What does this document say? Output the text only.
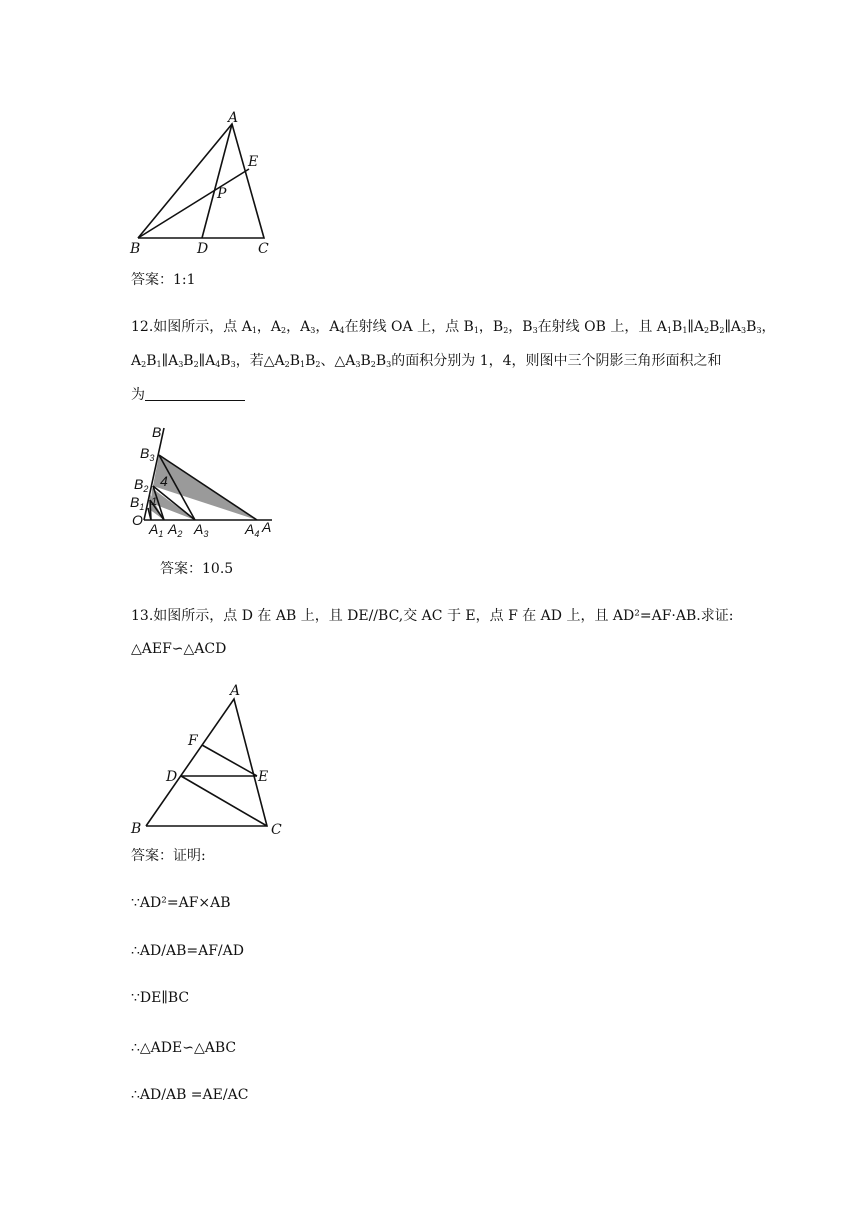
A
E
P
B	D	C
B
$B_3$
4
$B_2$
1
$B_1$
O
$A_1$ $A_2$ $A_3$	$A_4$ A
A
F
D	E
B	C
答案：1:1
12.如图所示，点 $A_1$，$A_2$，$A_3$，$A_4$在射线 OA 上，点 $B_1$，$B_2$，$B_3$在射线 OB 上，且 $A_1B_1\parallel A_2B_2\parallel A_3B_3$，
$A_2B_1\parallel A_3B_2\parallel A_4B_3$，若$\triangle A_2B_1B_2$、$\triangle A_3B_2B_3$的面积分别为 1，4，则图中三个阴影三角形面积之和
为
答案：10.5
13.如图所示，点 D 在 AB 上，且 DE//BC,交 AC 于 E，点 F 在 AD 上，且 AD²=AF·AB.求证:
△AEF∽△ACD
答案：证明:
∵AD²=AF×AB
∴AD/AB=AF/AD
∵DE∥BC
∴△ADE∽△ABC
∴AD/AB =AE/AC
